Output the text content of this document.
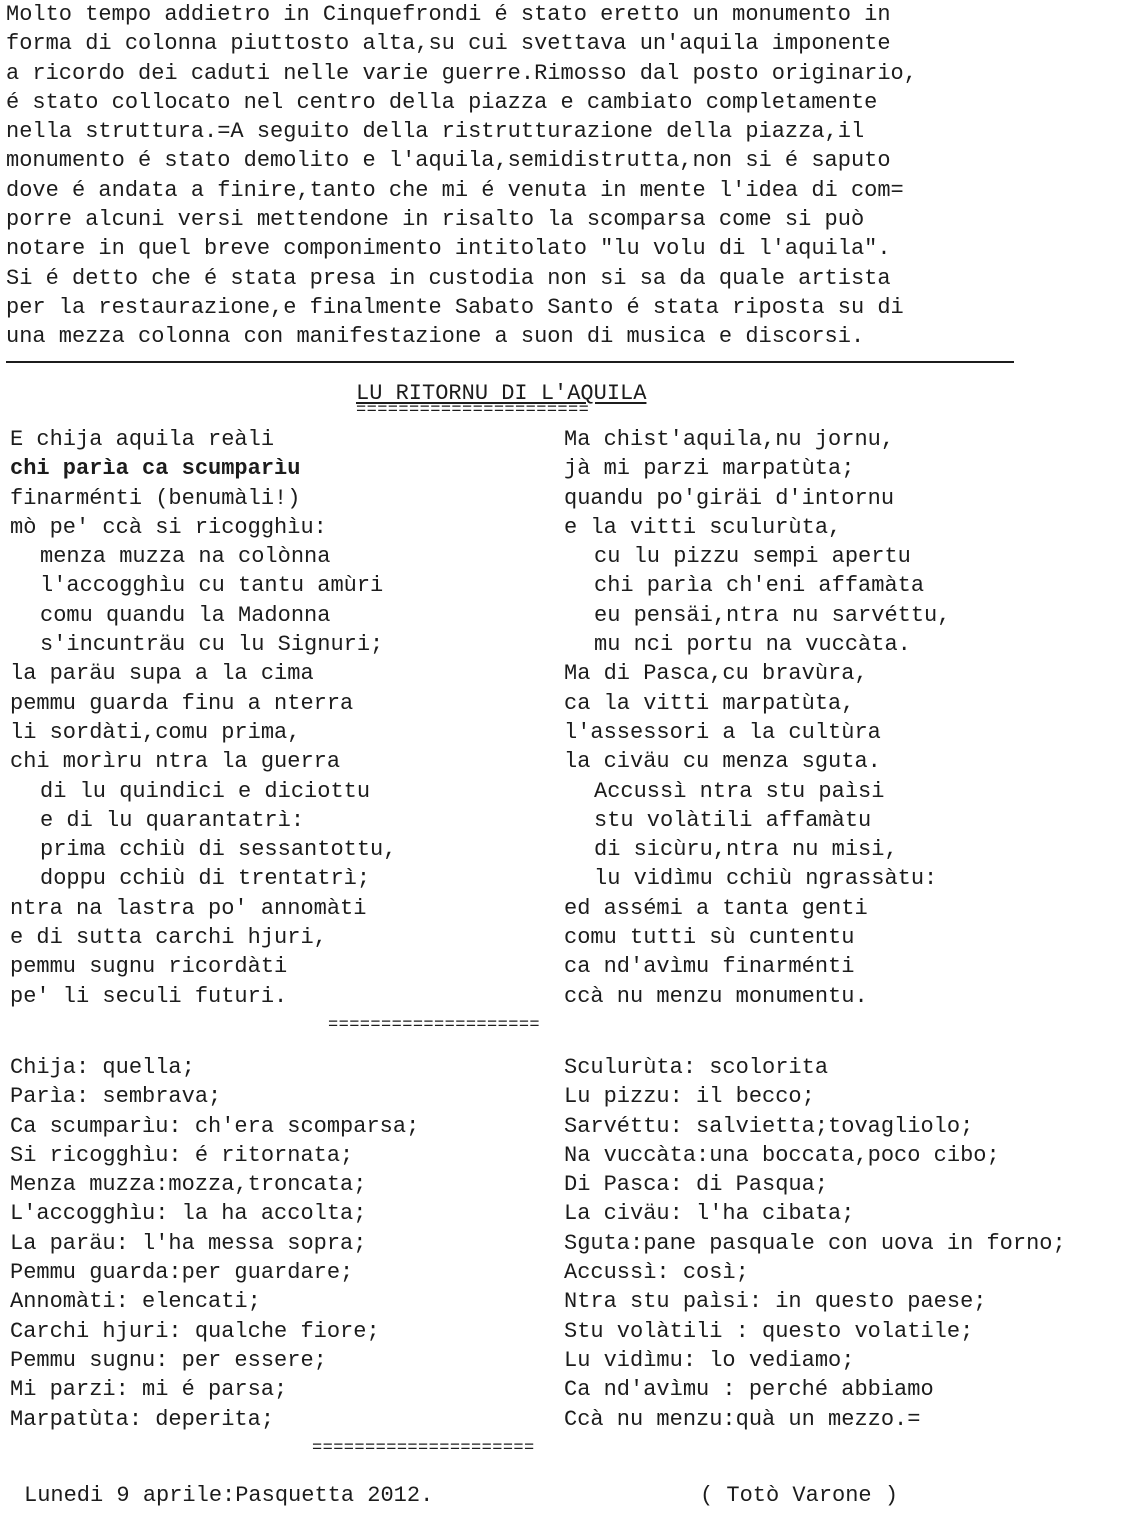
Molto tempo addietro in Cinquefrondi é stato eretto un monumento in
forma di colonna piuttosto alta,su cui svettava un'aquila imponente
a ricordo dei caduti nelle varie guerre.Rimosso dal posto originario,
é stato collocato nel centro della piazza e cambiato completamente
nella struttura.=A seguito della ristrutturazione della piazza,il
monumento é stato demolito e l'aquila,semidistrutta,non si é saputo
dove é andata a finire,tanto che mi é venuta in mente l'idea di com=
porre alcuni versi mettendone in risalto la scomparsa come si può
notare in quel breve componimento intitolato "lu volu di l'aquila".
Si é detto che é stata presa in custodia non si sa da quale artista
per la restaurazione,e finalmente Sabato Santo é stata riposta su di
una mezza colonna con manifestazione a suon di musica e discorsi.
LU RITORNU DI L'AQUILA
======================
E chija aquila reàli
chi parìa ca scumparìu
finarménti (benumàli!)
mò pe' ccà si ricogghìu:
menza muzza na colònna
l'accogghìu cu tantu amùri
comu quandu la Madonna
s'incunträu cu lu Signuri;
la paräu supa a la cima
pemmu guarda finu a nterra
li sordàti,comu prima,
chi morìru ntra la guerra
di lu quindici e diciottu
e di lu quarantatrì:
prima cchiù di sessantottu,
doppu cchiù di trentatrì;
ntra na lastra po' annomàti
e di sutta carchi hjuri,
pemmu sugnu ricordàti
pe' li seculi futuri.
Ma chist'aquila,nu jornu,
jà mi parzi marpatùta;
quandu po'giräi d'intornu
e la vitti sculurùta,
cu lu pizzu sempi apertu
chi parìa ch'eni affamàta
eu pensäi,ntra nu sarvéttu,
mu nci portu na vuccàta.
Ma di Pasca,cu bravùra,
ca la vitti marpatùta,
l'assessori a la cultùra
la civäu cu menza sguta.
Accussì ntra stu paìsi
stu volàtili affamàtu
di sicùru,ntra nu misi,
lu vidìmu cchiù ngrassàtu:
ed assémi a tanta genti
comu tutti sù cuntentu
ca nd'avìmu finarménti
ccà nu menzu monumentu.
====================
Chija: quella;
Parìa: sembrava;
Ca scumparìu: ch'era scomparsa;
Si ricogghìu: é ritornata;
Menza muzza:mozza,troncata;
L'accogghìu: la ha accolta;
La paräu: l'ha messa sopra;
Pemmu guarda:per guardare;
Annomàti: elencati;
Carchi hjuri: qualche fiore;
Pemmu sugnu: per essere;
Mi parzi: mi é parsa;
Marpatùta: deperita;
Sculurùta: scolorita
Lu pizzu: il becco;
Sarvéttu: salvietta;tovagliolo;
Na vuccàta:una boccata,poco cibo;
Di Pasca: di Pasqua;
La civäu: l'ha cibata;
Sguta:pane pasquale con uova in forno;
Accussì: così;
Ntra stu paìsi: in questo paese;
Stu volàtili : questo volatile;
Lu vidìmu: lo vediamo;
Ca nd'avìmu : perché abbiamo
Ccà nu menzu:quà un mezzo.=
=====================
Lunedi 9 aprile:Pasquetta 2012.	( Totò Varone )
